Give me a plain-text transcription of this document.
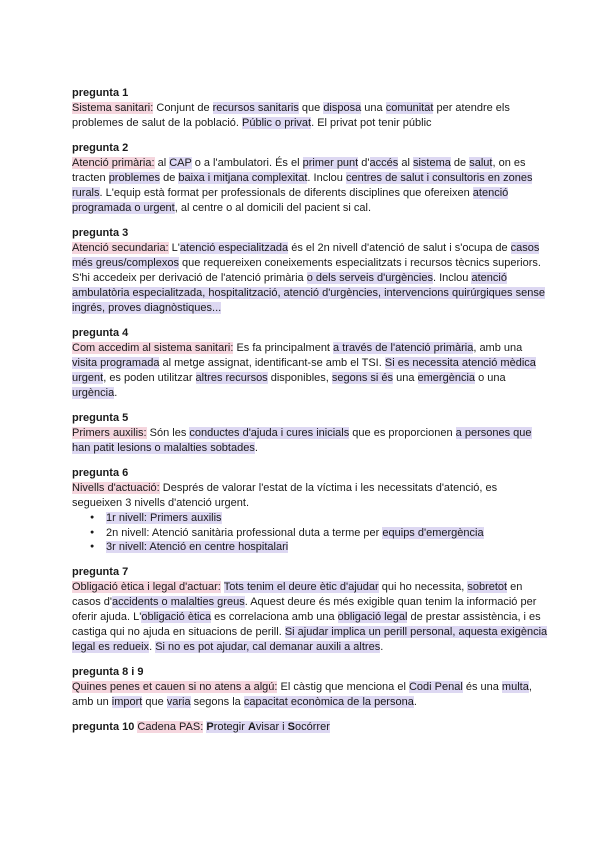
pregunta 1

Sistema sanitari: Conjunt de recursos sanitaris que disposa una comunitat per atendre els problemes de salut de la població. Públic o privat. El privat pot tenir públic

pregunta 2

Atenció primària: al CAP o a l'ambulatori. És el primer punt d'accés al sistema de salut, on es tracten problemes de baixa i mitjana complexitat. Inclou centres de salut i consultoris en zones rurals. L'equip està format per professionals de diferents disciplines que ofereixen atenció programada o urgent, al centre o al domicili del pacient si cal.

pregunta 3

Atenció secundaria: L'atenció especialitzada és el 2n nivell d'atenció de salut i s'ocupa de casos més greus/complexos que requereixen coneixements especialitzats i recursos tècnics superiors. S'hi accedeix per derivació de l'atenció primària o dels serveis d'urgències. Inclou atenció ambulatòria especialitzada, hospitalització, atenció d'urgències, intervencions quirúrgiques sense ingrés, proves diagnòstiques...

pregunta 4

Com accedim al sistema sanitari: Es fa principalment a través de l'atenció primària, amb una visita programada al metge assignat, identificant-se amb el TSI. Si es necessita atenció mèdica urgent, es poden utilitzar altres recursos disponibles, segons si és una emergència o una urgència.

pregunta 5

Primers auxilis: Són les conductes d'ajuda i cures inicials que es proporcionen a persones que han patit lesions o malalties sobtades.

pregunta 6

Nivells d'actuació: Després de valorar l'estat de la víctima i les necessitats d'atenció, es segueixen 3 nivells d'atenció urgent.

● 1r nivell: Primers auxilis
● 2n nivell: Atenció sanitària professional duta a terme per equips d'emergència
● 3r nivell: Atenció en centre hospitalari

pregunta 7

Obligació ètica i legal d'actuar: Tots tenim el deure ètic d'ajudar qui ho necessita, sobretot en casos d'accidents o malalties greus. Aquest deure és més exigible quan tenim la informació per oferir ajuda. L'obligació ètica es correlaciona amb una obligació legal de prestar assistència, i es castiga qui no ajuda en situacions de perill. Si ajudar implica un perill personal, aquesta exigència legal es redueix. Si no es pot ajudar, cal demanar auxili a altres.

pregunta 8 i 9

Quines penes et cauen si no atens a algú: El càstig que menciona el Codi Penal és una multa, amb un import que varia segons la capacitat econòmica de la persona.

pregunta 10 Cadena PAS: Protegir Avisar i Socórrer
